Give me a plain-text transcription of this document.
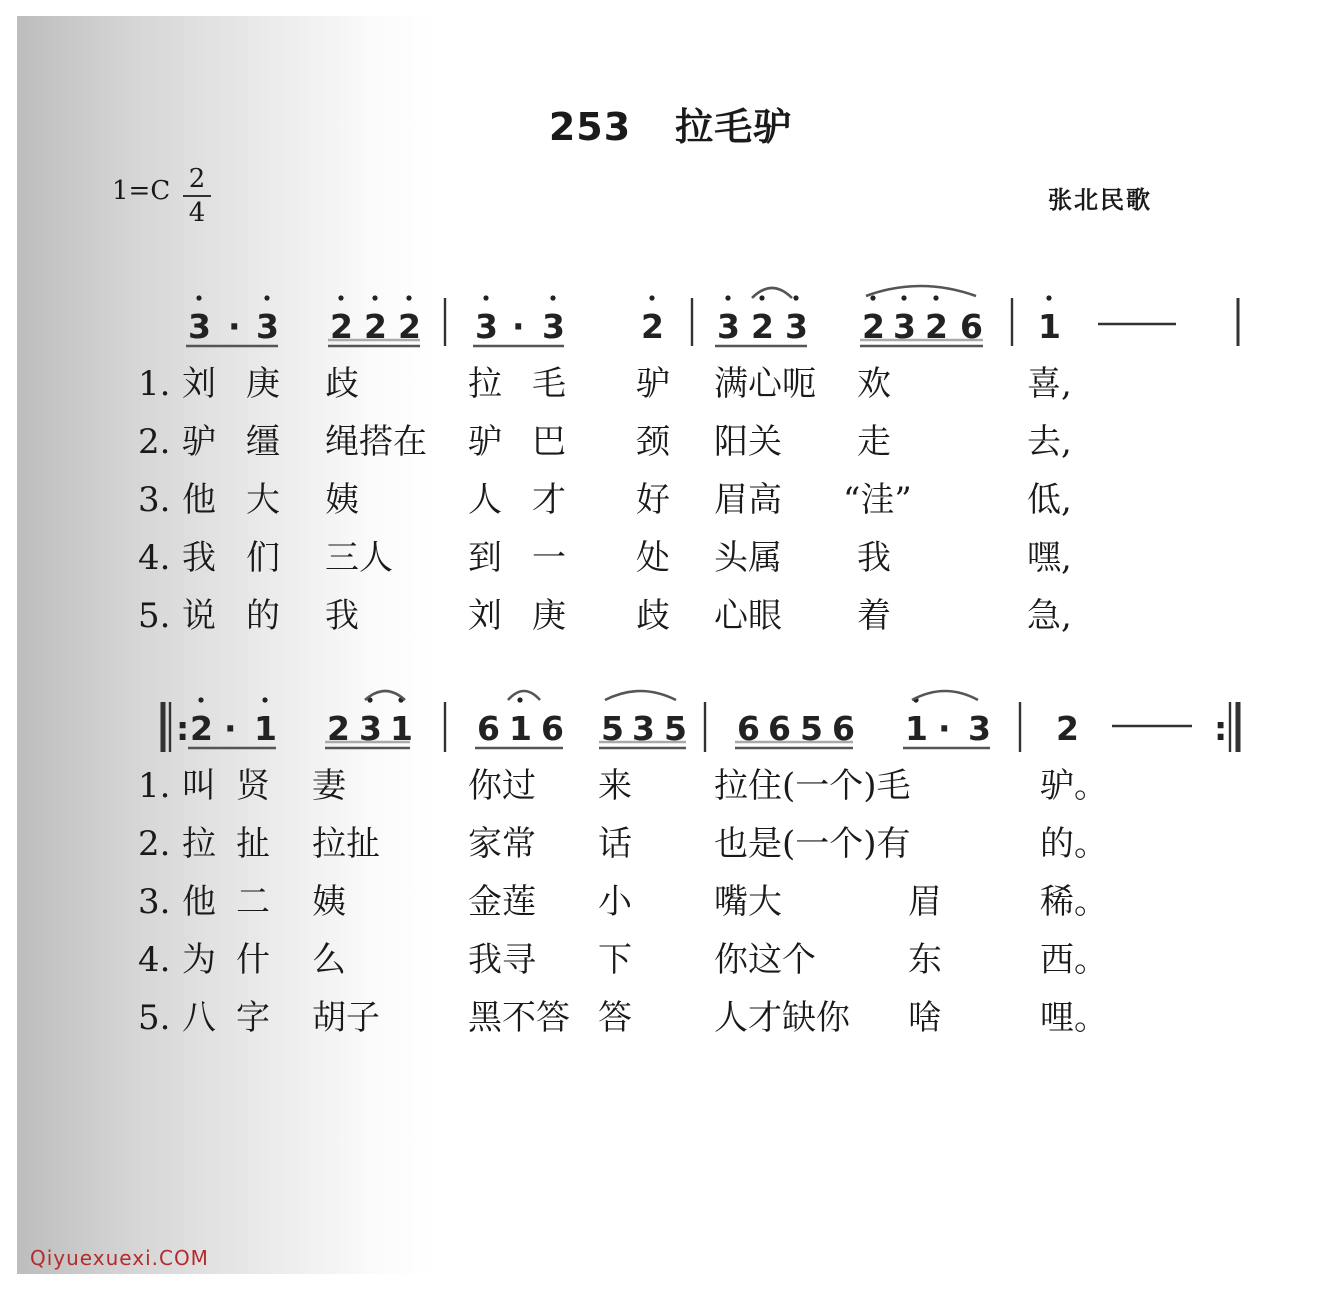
253 拉毛驴
1=C 2
4	张北民歌
3 · 3 2 2 2 3 · 3 2 3 2 3 2 3 2 6 1
: 2 · 1 2 3 1 6 1 6 5 3 5 6 6 5 6 1 · 3 2	:
1. 刘 庚 歧	拉 毛 驴 满心呃 欢	喜,
2. 驴 缰 绳搭在 驴 巴 颈 阳关 走	去,
3. 他 大 姨	人 才 好 眉高 “洼”	低,
4. 我 们 三人 到 一 处 头属 我	嘿,
5. 说 的 我	刘 庚 歧 心眼 着	急,
1. 叫 贤 妻	你过 来 拉住(一个)毛	驴。
2. 拉 扯 拉扯	家常 话 也是(一个)有	的。
3. 他 二 姨	金莲 小 嘴大	眉	稀。
4. 为 什 么	我寻 下 你这个	东	西。
5. 八 字 胡子	黑不答 答 人才缺你 啥	哩。
Qiyuexuexi.COM
